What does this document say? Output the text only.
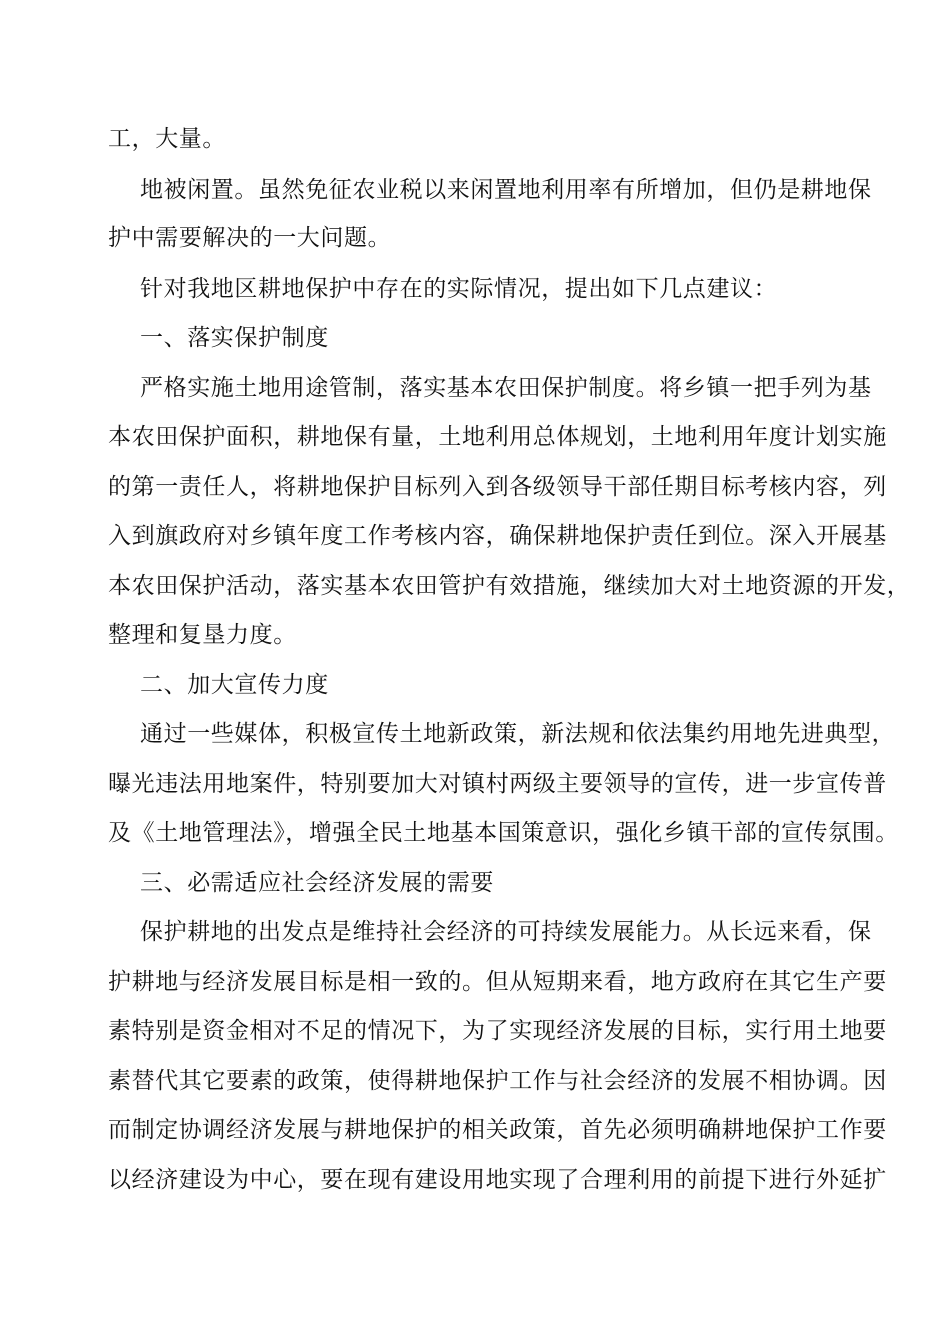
工，大量。
地被闲置。虽然免征农业税以来闲置地利用率有所增加，但仍是耕地保
护中需要解决的一大问题。
针对我地区耕地保护中存在的实际情况，提出如下几点建议：
一、落实保护制度
严格实施土地用途管制，落实基本农田保护制度。将乡镇一把手列为基
本农田保护面积，耕地保有量，土地利用总体规划，土地利用年度计划实施
的第一责任人，将耕地保护目标列入到各级领导干部任期目标考核内容，列
入到旗政府对乡镇年度工作考核内容，确保耕地保护责任到位。深入开展基
本农田保护活动，落实基本农田管护有效措施，继续加大对土地资源的开发，
整理和复垦力度。
二、加大宣传力度
通过一些媒体，积极宣传土地新政策，新法规和依法集约用地先进典型，
曝光违法用地案件，特别要加大对镇村两级主要领导的宣传，进一步宣传普
及《土地管理法》，增强全民土地基本国策意识，强化乡镇干部的宣传氛围。
三、必需适应社会经济发展的需要
保护耕地的出发点是维持社会经济的可持续发展能力。从长远来看，保
护耕地与经济发展目标是相一致的。但从短期来看，地方政府在其它生产要
素特别是资金相对不足的情况下，为了实现经济发展的目标，实行用土地要
素替代其它要素的政策，使得耕地保护工作与社会经济的发展不相协调。因
而制定协调经济发展与耕地保护的相关政策，首先必须明确耕地保护工作要
以经济建设为中心，要在现有建设用地实现了合理利用的前提下进行外延扩
